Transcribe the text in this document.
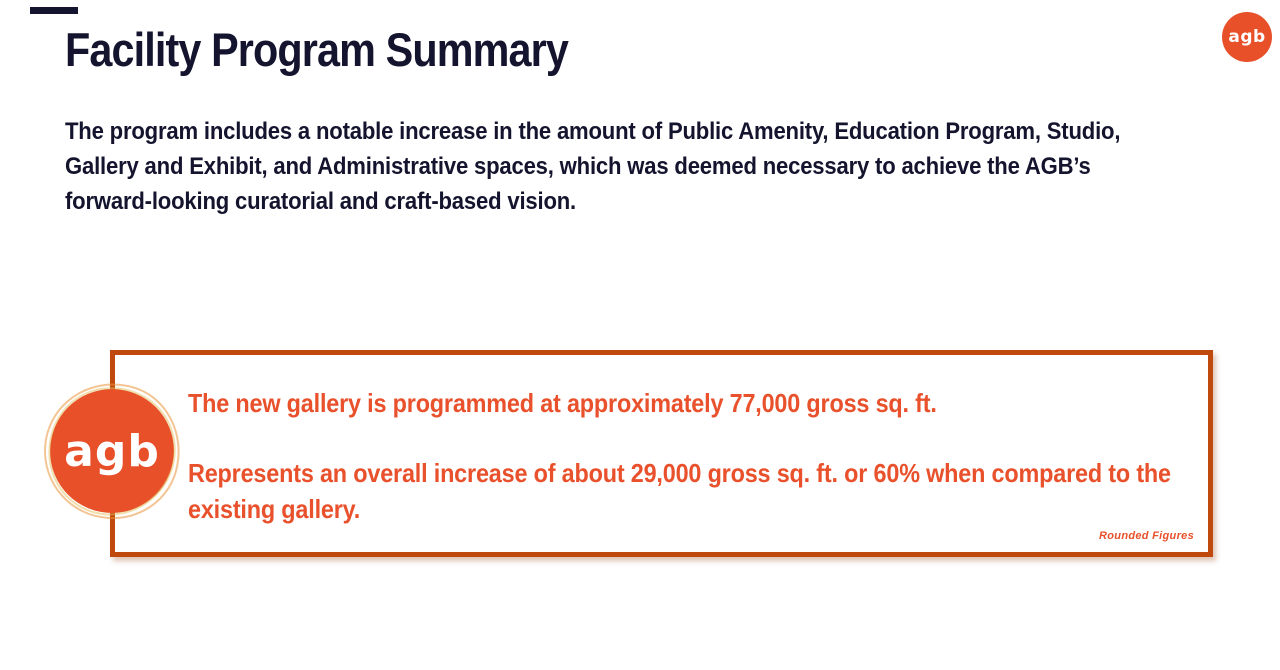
Facility Program Summary
The program includes a notable increase in the amount of Public Amenity, Education Program, Studio,
Gallery and Exhibit, and Administrative spaces, which was deemed necessary to achieve the AGB’s
forward-looking curatorial and craft-based vision.
The new gallery is programmed at approximately 77,000 gross sq. ft.
Represents an overall increase of about 29,000 gross sq. ft. or 60% when compared to the
existing gallery.
Rounded Figures
agb
agb
